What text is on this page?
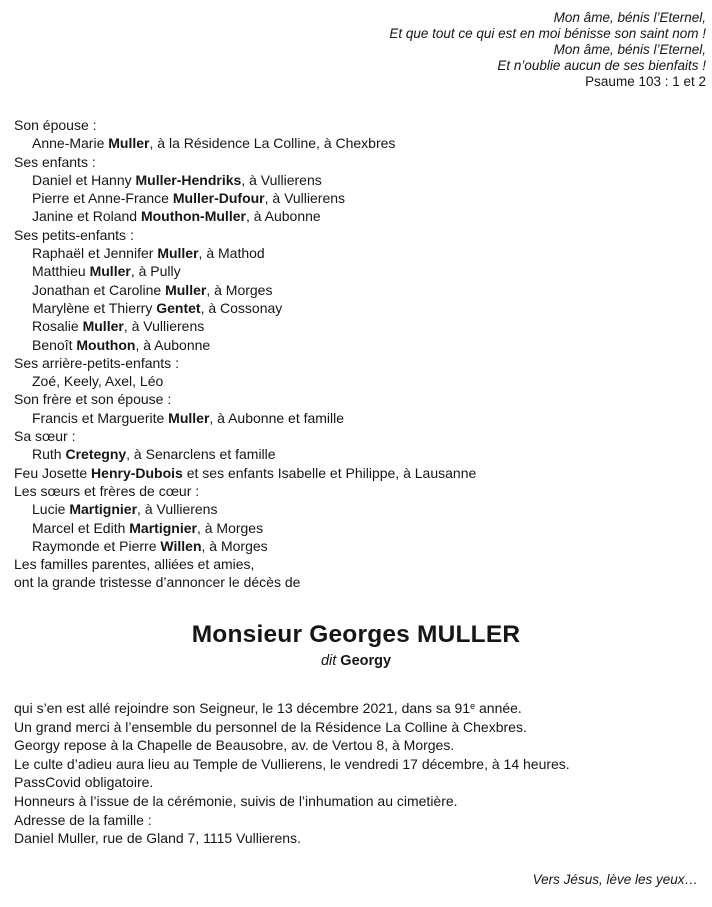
Mon âme, bénis l’Eternel,
Et que tout ce qui est en moi bénisse son saint nom !
Mon âme, bénis l’Eternel,
Et n’oublie aucun de ses bienfaits !
Psaume 103 : 1 et 2
Son épouse :
Anne-Marie Muller, à la Résidence La Colline, à Chexbres
Ses enfants :
Daniel et Hanny Muller-Hendriks, à Vullierens
Pierre et Anne-France Muller-Dufour, à Vullierens
Janine et Roland Mouthon-Muller, à Aubonne
Ses petits-enfants :
Raphaël et Jennifer Muller, à Mathod
Matthieu Muller, à Pully
Jonathan et Caroline Muller, à Morges
Marylène et Thierry Gentet, à Cossonay
Rosalie Muller, à Vullierens
Benoît Mouthon, à Aubonne
Ses arrière-petits-enfants :
Zoé, Keely, Axel, Léo
Son frère et son épouse :
Francis et Marguerite Muller, à Aubonne et famille
Sa sœur :
Ruth Cretegny, à Senarclens et famille
Feu Josette Henry-Dubois et ses enfants Isabelle et Philippe, à Lausanne
Les sœurs et frères de cœur :
Lucie Martignier, à Vullierens
Marcel et Edith Martignier, à Morges
Raymonde et Pierre Willen, à Morges
Les familles parentes, alliées et amies,
ont la grande tristesse d’annoncer le décès de
Monsieur Georges MULLER
dit Georgy
qui s’en est allé rejoindre son Seigneur, le 13 décembre 2021, dans sa 91e année.
Un grand merci à l’ensemble du personnel de la Résidence La Colline à Chexbres.
Georgy repose à la Chapelle de Beausobre, av. de Vertou 8, à Morges.
Le culte d’adieu aura lieu au Temple de Vullierens, le vendredi 17 décembre, à 14 heures.
PassCovid obligatoire.
Honneurs à l’issue de la cérémonie, suivis de l’inhumation au cimetière.
Adresse de la famille :
Daniel Muller, rue de Gland 7, 1115 Vullierens.
Vers Jésus, lève les yeux…
